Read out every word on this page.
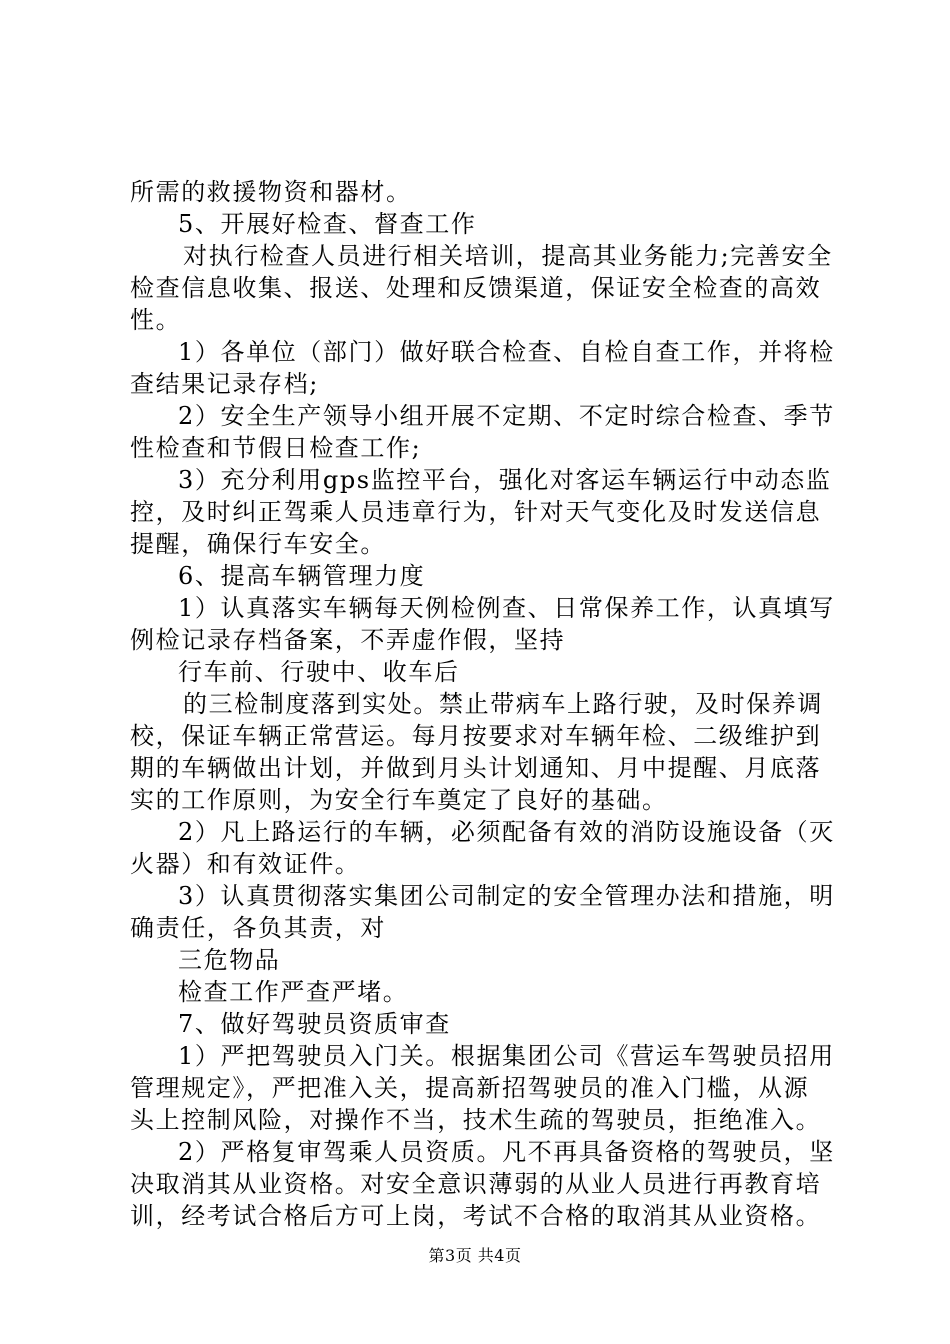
所需的救援物资和器材。
5、开展好检查、督查工作
对执行检查人员进行相关培训，提高其业务能力;完善安全
检查信息收集、报送、处理和反馈渠道，保证安全检查的高效
性。
1）各单位（部门）做好联合检查、自检自查工作，并将检
查结果记录存档;
2）安全生产领导小组开展不定期、不定时综合检查、季节
性检查和节假日检查工作;
3）充分利用gps监控平台，强化对客运车辆运行中动态监
控，及时纠正驾乘人员违章行为，针对天气变化及时发送信息
提醒，确保行车安全。
6、提高车辆管理力度
1）认真落实车辆每天例检例查、日常保养工作，认真填写
例检记录存档备案，不弄虚作假，坚持
行车前、行驶中、收车后
的三检制度落到实处。禁止带病车上路行驶，及时保养调
校，保证车辆正常营运。每月按要求对车辆年检、二级维护到
期的车辆做出计划，并做到月头计划通知、月中提醒、月底落
实的工作原则，为安全行车奠定了良好的基础。
2）凡上路运行的车辆，必须配备有效的消防设施设备（灭
火器）和有效证件。
3）认真贯彻落实集团公司制定的安全管理办法和措施，明
确责任，各负其责，对
三危物品
检查工作严查严堵。
7、做好驾驶员资质审查
1）严把驾驶员入门关。根据集团公司《营运车驾驶员招用
管理规定》，严把准入关，提高新招驾驶员的准入门槛，从源
头上控制风险，对操作不当，技术生疏的驾驶员，拒绝准入。
2）严格复审驾乘人员资质。凡不再具备资格的驾驶员，坚
决取消其从业资格。对安全意识薄弱的从业人员进行再教育培
训，经考试合格后方可上岗，考试不合格的取消其从业资格。
第3页 共4页
